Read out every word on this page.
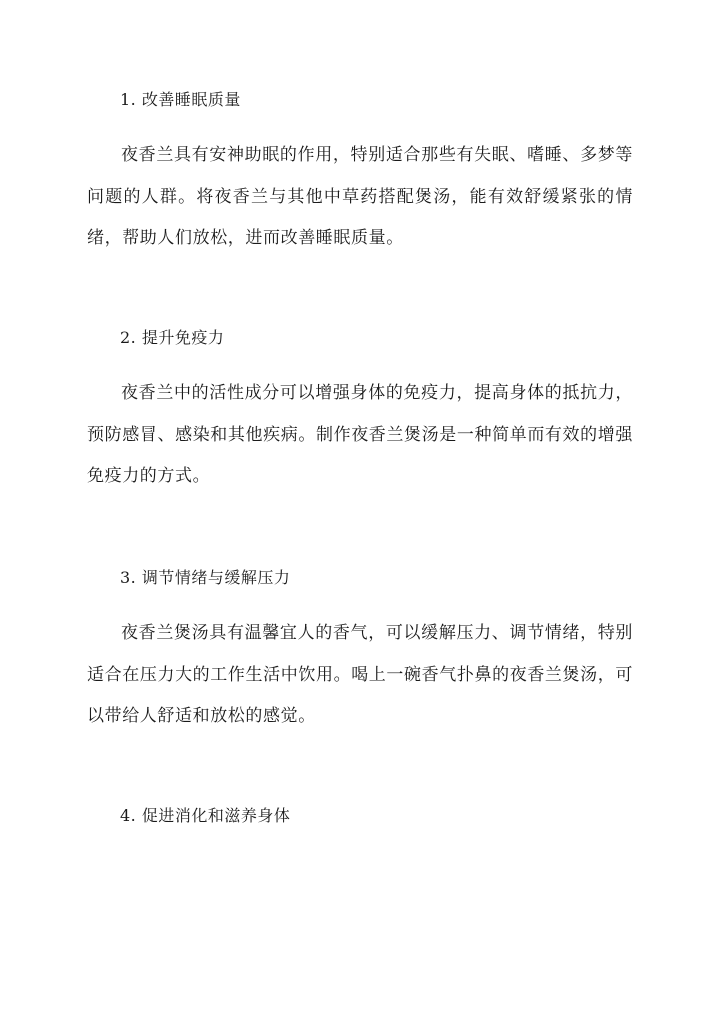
1. 改善睡眠质量
夜香兰具有安神助眠的作用，特别适合那些有失眠、嗜睡、多梦等问题的人群。将夜香兰与其他中草药搭配煲汤，能有效舒缓紧张的情绪，帮助人们放松，进而改善睡眠质量。
2. 提升免疫力
夜香兰中的活性成分可以增强身体的免疫力，提高身体的抵抗力，预防感冒、感染和其他疾病。制作夜香兰煲汤是一种简单而有效的增强免疫力的方式。
3. 调节情绪与缓解压力
夜香兰煲汤具有温馨宜人的香气，可以缓解压力、调节情绪，特别适合在压力大的工作生活中饮用。喝上一碗香气扑鼻的夜香兰煲汤，可以带给人舒适和放松的感觉。
4. 促进消化和滋养身体
